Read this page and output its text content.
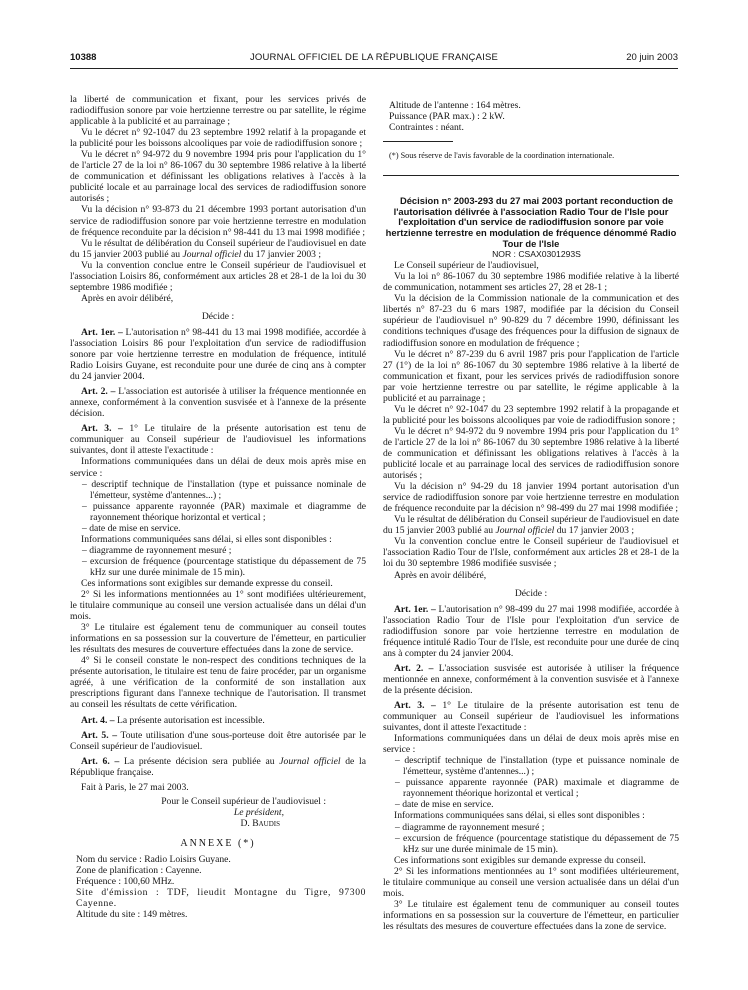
10388	JOURNAL OFFICIEL DE LA RÉPUBLIQUE FRANÇAISE	20 juin 2003

la liberté de communication et fixant, pour les services privés de radiodiffusion sonore par voie hertzienne terrestre ou par satellite, le régime applicable à la publicité et au parrainage ;

Vu le décret n° 92-1047 du 23 septembre 1992 relatif à la propagande et la publicité pour les boissons alcooliques par voie de radiodiffusion sonore ;

Vu le décret n° 94-972 du 9 novembre 1994 pris pour l'application du 1° de l'article 27 de la loi n° 86-1067 du 30 septembre 1986 relative à la liberté de communication et définissant les obligations relatives à l'accès à la publicité locale et au parrainage local des services de radiodiffusion sonore autorisés ;

Vu la décision n° 93-873 du 21 décembre 1993 portant autorisation d'un service de radiodiffusion sonore par voie hertzienne terrestre en modulation de fréquence reconduite par la décision n° 98-441 du 13 mai 1998 modifiée ;

Vu le résultat de délibération du Conseil supérieur de l'audiovisuel en date du 15 janvier 2003 publié au Journal officiel du 17 janvier 2003 ;

Vu la convention conclue entre le Conseil supérieur de l'audiovisuel et l'association Loisirs 86, conformément aux articles 28 et 28-1 de la loi du 30 septembre 1986 modifiée ;

Après en avoir délibéré,

Décide :

Art. 1er. – L'autorisation n° 98-441 du 13 mai 1998 modifiée, accordée à l'association Loisirs 86 pour l'exploitation d'un service de radiodiffusion sonore par voie hertzienne terrestre en modulation de fréquence, intitulé Radio Loisirs Guyane, est reconduite pour une durée de cinq ans à compter du 24 janvier 2004.

Art. 2. – L'association est autorisée à utiliser la fréquence mentionnée en annexe, conformément à la convention susvisée et à l'annexe de la présente décision.

Art. 3. – 1° Le titulaire de la présente autorisation est tenu de communiquer au Conseil supérieur de l'audiovisuel les informations suivantes, dont il atteste l'exactitude :

Informations communiquées dans un délai de deux mois après mise en service :

– descriptif technique de l'installation (type et puissance nominale de l'émetteur, système d'antennes...) ;

– puissance apparente rayonnée (PAR) maximale et diagramme de rayonnement théorique horizontal et vertical ;

– date de mise en service.

Informations communiquées sans délai, si elles sont disponibles :

– diagramme de rayonnement mesuré ;

– excursion de fréquence (pourcentage statistique du dépassement de 75 kHz sur une durée minimale de 15 min).

Ces informations sont exigibles sur demande expresse du conseil.

2° Si les informations mentionnées au 1° sont modifiées ultérieurement, le titulaire communique au conseil une version actualisée dans un délai d'un mois.

3° Le titulaire est également tenu de communiquer au conseil toutes informations en sa possession sur la couverture de l'émetteur, en particulier les résultats des mesures de couverture effectuées dans la zone de service.

4° Si le conseil constate le non-respect des conditions techniques de la présente autorisation, le titulaire est tenu de faire procéder, par un organisme agréé, à une vérification de la conformité de son installation aux prescriptions figurant dans l'annexe technique de l'autorisation. Il transmet au conseil les résultats de cette vérification.

Art. 4. – La présente autorisation est incessible.

Art. 5. – Toute utilisation d'une sous-porteuse doit être autorisée par le Conseil supérieur de l'audiovisuel.

Art. 6. – La présente décision sera publiée au Journal officiel de la République française.

Fait à Paris, le 27 mai 2003.

Pour le Conseil supérieur de l'audiovisuel :

Le président,

D. Baudis

ANNEXE (*)

Nom du service : Radio Loisirs Guyane.

Zone de planification : Cayenne.

Fréquence : 100,60 MHz.

Site d'émission : TDF, lieudit Montagne du Tigre, 97300 Cayenne.

Altitude du site : 149 mètres.

Altitude de l'antenne : 164 mètres.

Puissance (PAR max.) : 2 kW.

Contraintes : néant.

(*) Sous réserve de l'avis favorable de la coordination internationale.

Décision n° 2003-293 du 27 mai 2003 portant reconduction de l'autorisation délivrée à l'association Radio Tour de l'Isle pour l'exploitation d'un service de radiodiffusion sonore par voie hertzienne terrestre en modulation de fréquence dénommé Radio Tour de l'Isle

NOR : CSAX0301293S

Le Conseil supérieur de l'audiovisuel,

Vu la loi n° 86-1067 du 30 septembre 1986 modifiée relative à la liberté de communication, notamment ses articles 27, 28 et 28-1 ;

Vu la décision de la Commission nationale de la communication et des libertés n° 87-23 du 6 mars 1987, modifiée par la décision du Conseil supérieur de l'audiovisuel n° 90-829 du 7 décembre 1990, définissant les conditions techniques d'usage des fréquences pour la diffusion de signaux de radiodiffusion sonore en modulation de fréquence ;

Vu le décret n° 87-239 du 6 avril 1987 pris pour l'application de l'article 27 (1°) de la loi n° 86-1067 du 30 septembre 1986 relative à la liberté de communication et fixant, pour les services privés de radiodiffusion sonore par voie hertzienne terrestre ou par satellite, le régime applicable à la publicité et au parrainage ;

Vu le décret n° 92-1047 du 23 septembre 1992 relatif à la propagande et la publicité pour les boissons alcooliques par voie de radiodiffusion sonore ;

Vu le décret n° 94-972 du 9 novembre 1994 pris pour l'application du 1° de l'article 27 de la loi n° 86-1067 du 30 septembre 1986 relative à la liberté de communication et définissant les obligations relatives à l'accès à la publicité locale et au parrainage local des services de radiodiffusion sonore autorisés ;

Vu la décision n° 94-29 du 18 janvier 1994 portant autorisation d'un service de radiodiffusion sonore par voie hertzienne terrestre en modulation de fréquence reconduite par la décision n° 98-499 du 27 mai 1998 modifiée ;

Vu le résultat de délibération du Conseil supérieur de l'audiovisuel en date du 15 janvier 2003 publié au Journal officiel du 17 janvier 2003 ;

Vu la convention conclue entre le Conseil supérieur de l'audiovisuel et l'association Radio Tour de l'Isle, conformément aux articles 28 et 28-1 de la loi du 30 septembre 1986 modifiée susvisée ;

Après en avoir délibéré,

Décide :

Art. 1er. – L'autorisation n° 98-499 du 27 mai 1998 modifiée, accordée à l'association Radio Tour de l'Isle pour l'exploitation d'un service de radiodiffusion sonore par voie hertzienne terrestre en modulation de fréquence intitulé Radio Tour de l'Isle, est reconduite pour une durée de cinq ans à compter du 24 janvier 2004.

Art. 2. – L'association susvisée est autorisée à utiliser la fréquence mentionnée en annexe, conformément à la convention susvisée et à l'annexe de la présente décision.

Art. 3. – 1° Le titulaire de la présente autorisation est tenu de communiquer au Conseil supérieur de l'audiovisuel les informations suivantes, dont il atteste l'exactitude :

Informations communiquées dans un délai de deux mois après mise en service :

– descriptif technique de l'installation (type et puissance nominale de l'émetteur, système d'antennes...) ;

– puissance apparente rayonnée (PAR) maximale et diagramme de rayonnement théorique horizontal et vertical ;

– date de mise en service.

Informations communiquées sans délai, si elles sont disponibles :

– diagramme de rayonnement mesuré ;

– excursion de fréquence (pourcentage statistique du dépassement de 75 kHz sur une durée minimale de 15 min).

Ces informations sont exigibles sur demande expresse du conseil.

2° Si les informations mentionnées au 1° sont modifiées ultérieurement, le titulaire communique au conseil une version actualisée dans un délai d'un mois.

3° Le titulaire est également tenu de communiquer au conseil toutes informations en sa possession sur la couverture de l'émetteur, en particulier les résultats des mesures de couverture effectuées dans la zone de service.
